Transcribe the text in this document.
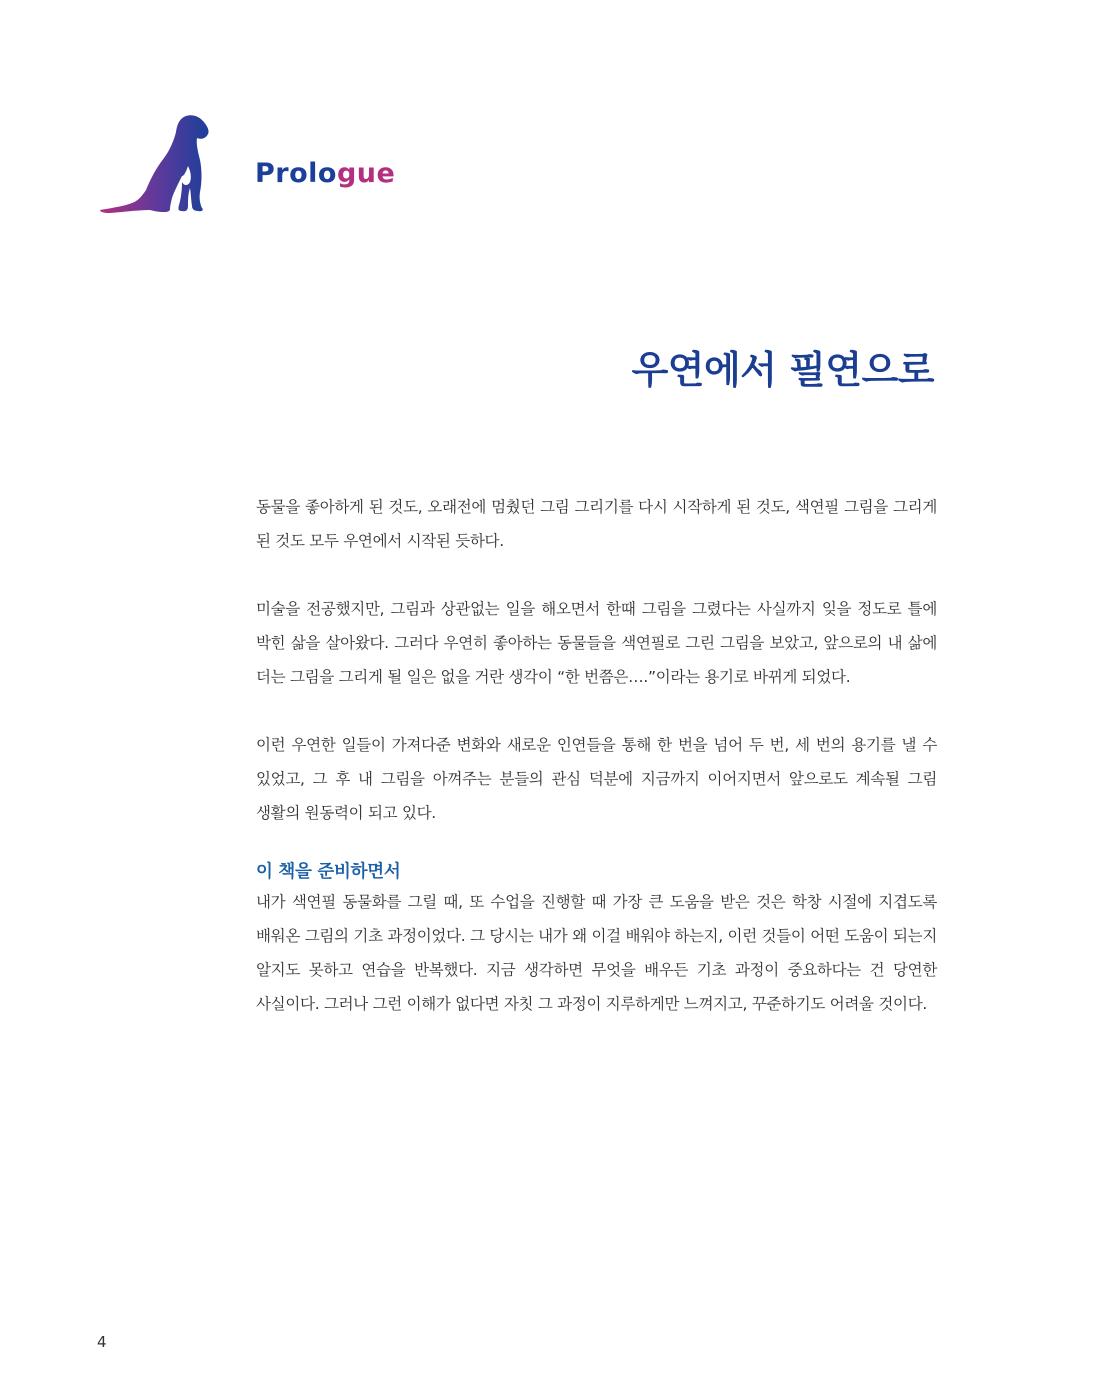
Prologue
우연에서 필연으로

동물을 좋아하게 된 것도, 오래전에 멈췄던 그림 그리기를 다시 시작하게 된 것도, 색연필 그림을 그리게 된 것도 모두 우연에서 시작된 듯하다.

미술을 전공했지만, 그림과 상관없는 일을 해오면서 한때 그림을 그렸다는 사실까지 잊을 정도로 틀에 박힌 삶을 살아왔다. 그러다 우연히 좋아하는 동물들을 색연필로 그린 그림을 보았고, 앞으로의 내 삶에 더는 그림을 그리게 될 일은 없을 거란 생각이 “한 번쯤은….”이라는 용기로 바뀌게 되었다.

이런 우연한 일들이 가져다준 변화와 새로운 인연들을 통해 한 번을 넘어 두 번, 세 번의 용기를 낼 수 있었고, 그 후 내 그림을 아껴주는 분들의 관심 덕분에 지금까지 이어지면서 앞으로도 계속될 그림 생활의 원동력이 되고 있다.

이 책을 준비하면서

내가 색연필 동물화를 그릴 때, 또 수업을 진행할 때 가장 큰 도움을 받은 것은 학창 시절에 지겹도록 배워온 그림의 기초 과정이었다. 그 당시는 내가 왜 이걸 배워야 하는지, 이런 것들이 어떤 도움이 되는지 알지도 못하고 연습을 반복했다. 지금 생각하면 무엇을 배우든 기초 과정이 중요하다는 건 당연한 사실이다. 그러나 그런 이해가 없다면 자칫 그 과정이 지루하게만 느껴지고, 꾸준하기도 어려울 것이다.

4
